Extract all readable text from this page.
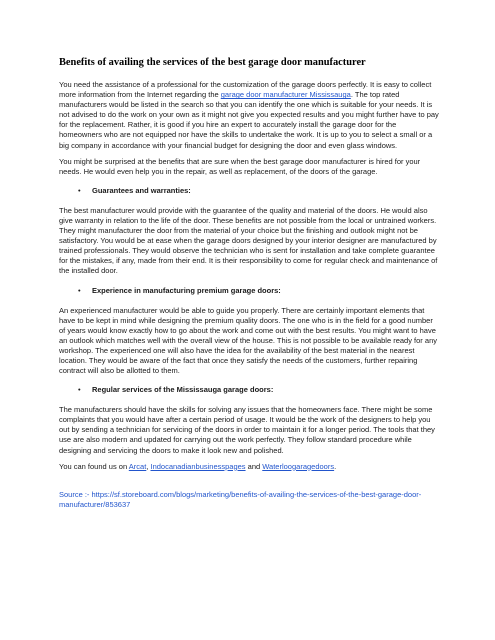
Benefits of availing the services of the best garage door manufacturer

You need the assistance of a professional for the customization of the garage doors perfectly. It is easy to collect more information from the Internet regarding the garage door manufacturer Mississauga. The top rated manufacturers would be listed in the search so that you can identify the one which is suitable for your needs. It is not advised to do the work on your own as it might not give you expected results and you might further have to pay for the replacement. Rather, it is good if you hire an expert to accurately install the garage door for the homeowners who are not equipped nor have the skills to undertake the work. It is up to you to select a small or a big company in accordance with your financial budget for designing the door and even glass windows.

You might be surprised at the benefits that are sure when the best garage door manufacturer is hired for your needs. He would even help you in the repair, as well as replacement, of the doors of the garage.

•	Guarantees and warranties:

The best manufacturer would provide with the guarantee of the quality and material of the doors. He would also give warranty in relation to the life of the door. These benefits are not possible from the local or untrained workers. They might manufacturer the door from the material of your choice but the finishing and outlook might not be satisfactory. You would be at ease when the garage doors designed by your interior designer are manufactured by trained professionals. They would observe the technician who is sent for installation and take complete guarantee for the mistakes, if any, made from their end. It is their responsibility to come for regular check and maintenance of the installed door.

•	Experience in manufacturing premium garage doors:

An experienced manufacturer would be able to guide you properly. There are certainly important elements that have to be kept in mind while designing the premium quality doors. The one who is in the field for a good number of years would know exactly how to go about the work and come out with the best results. You might want to have an outlook which matches well with the overall view of the house. This is not possible to be available ready for any workshop. The experienced one will also have the idea for the availability of the best material in the nearest location. They would be aware of the fact that once they satisfy the needs of the customers, further repairing contract will also be allotted to them.

•	Regular services of the Mississauga garage doors:

The manufacturers should have the skills for solving any issues that the homeowners face. There might be some complaints that you would have after a certain period of usage. It would be the work of the designers to help you out by sending a technician for servicing of the doors in order to maintain it for a longer period. The tools that they use are also modern and updated for carrying out the work perfectly. They follow standard procedure while designing and servicing the doors to make it look new and polished.

You can found us on Arcat, Indocanadianbusinesspages and Waterloogaragedoors.

Source :- https://sf.storeboard.com/blogs/marketing/benefits-of-availing-the-services-of-the-best-garage-door-manufacturer/853637
